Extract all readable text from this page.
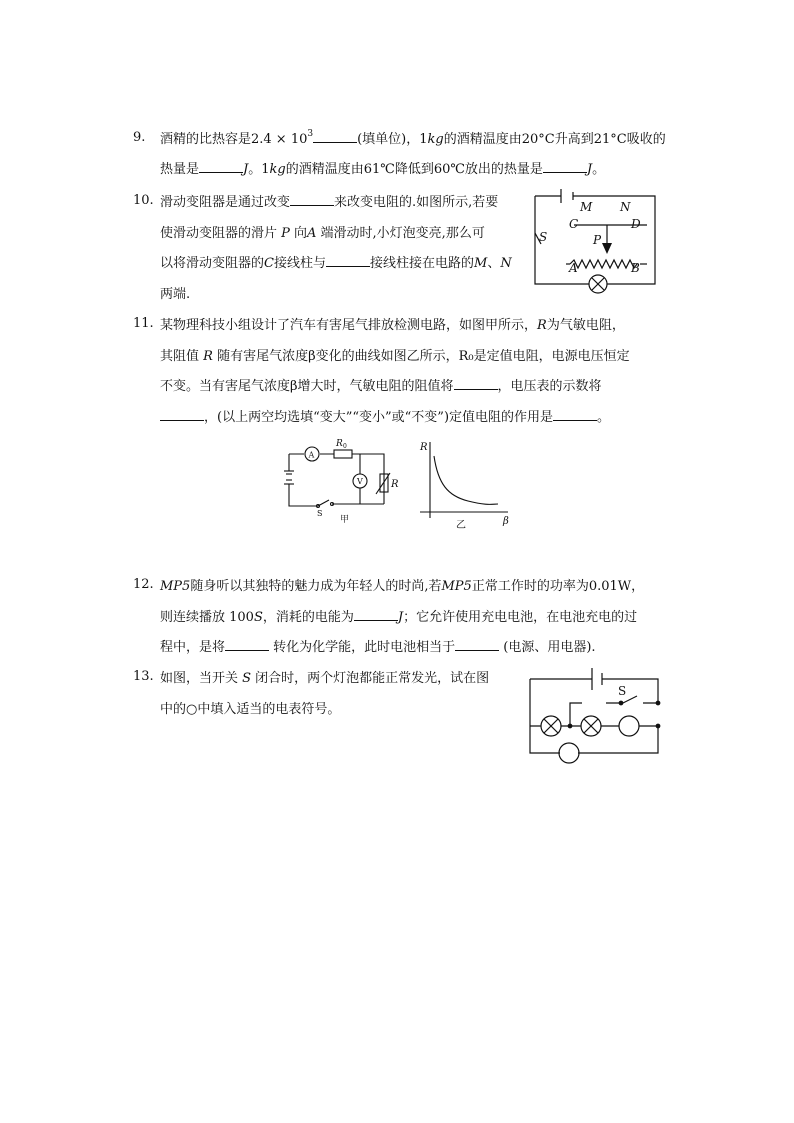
9.	酒精的比热容是$2.4 \times 10^3$	(填单位)，1kg的酒精温度由20°C升高到21°C吸收的
热量是	J。1kg的酒精温度由61℃降低到60℃放出的热量是	J。
10. 滑动变阻器是通过改变	来改变电阻的.如图所示,若要
使滑动变阻器的滑片 P 向A 端滑动时,小灯泡变亮,那么可
以将滑动变阻器的C接线柱与	接线柱接在电路的M、N
两端.
M N
C	D
S	P
A	B
11. 某物理科技小组设计了汽车有害尾气排放检测电路，如图甲所示，R为气敏电阻，
其阻值 R 随有害尾气浓度β变化的曲线如图乙所示，R₀是定值电阻，电源电压恒定
不变。当有害尾气浓度β增大时，气敏电阻的阻值将	，电压表的示数将
，(以上两空均选填“变大”“变小”或“不变”)定值电阻的作用是	。
A
R 0
V	R
S
甲
R
β
乙
12. MP5随身听以其独特的魅力成为年轻人的时尚,若MP5正常工作时的功率为0.01W，
则连续播放 100S，消耗的电能为	J；它允许使用充电电池，在电池充电的过
程中，是将	转化为化学能，此时电池相当于	(电源、用电器).
13. 如图，当开关 S 闭合时，两个灯泡都能正常发光，试在图
中的○中填入适当的电表符号。
S
